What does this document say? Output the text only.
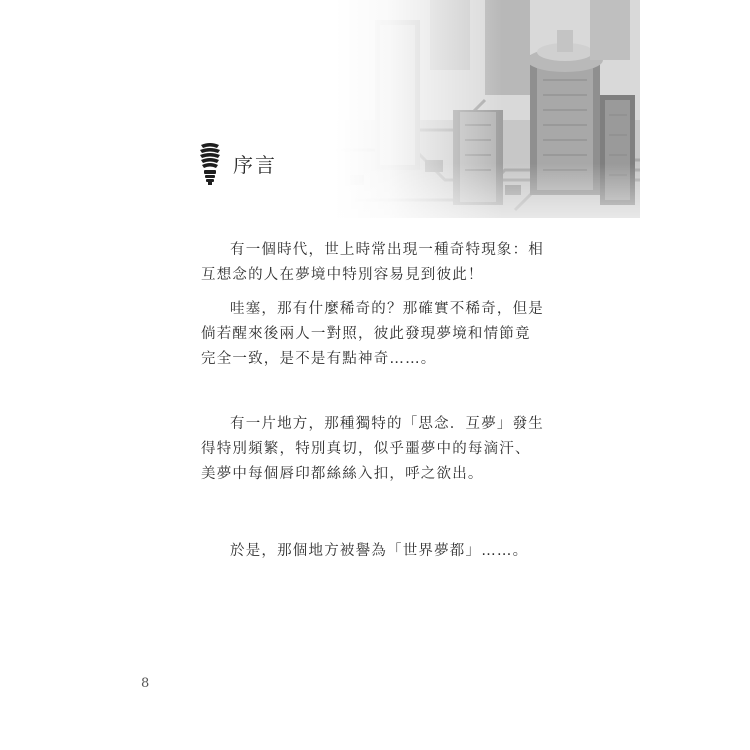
序言

有一個時代，世上時常出現一種奇特現象：相互想念的人在夢境中特別容易見到彼此！

哇塞，那有什麼稀奇的？那確實不稀奇，但是倘若醒來後兩人一對照，彼此發現夢境和情節竟完全一致，是不是有點神奇……。

有一片地方，那種獨特的「思念．互夢」發生得特別頻繁，特別真切，似乎噩夢中的每滴汗、美夢中每個唇印都絲絲入扣，呼之欲出。

於是，那個地方被譽為「世界夢都」……。

8
